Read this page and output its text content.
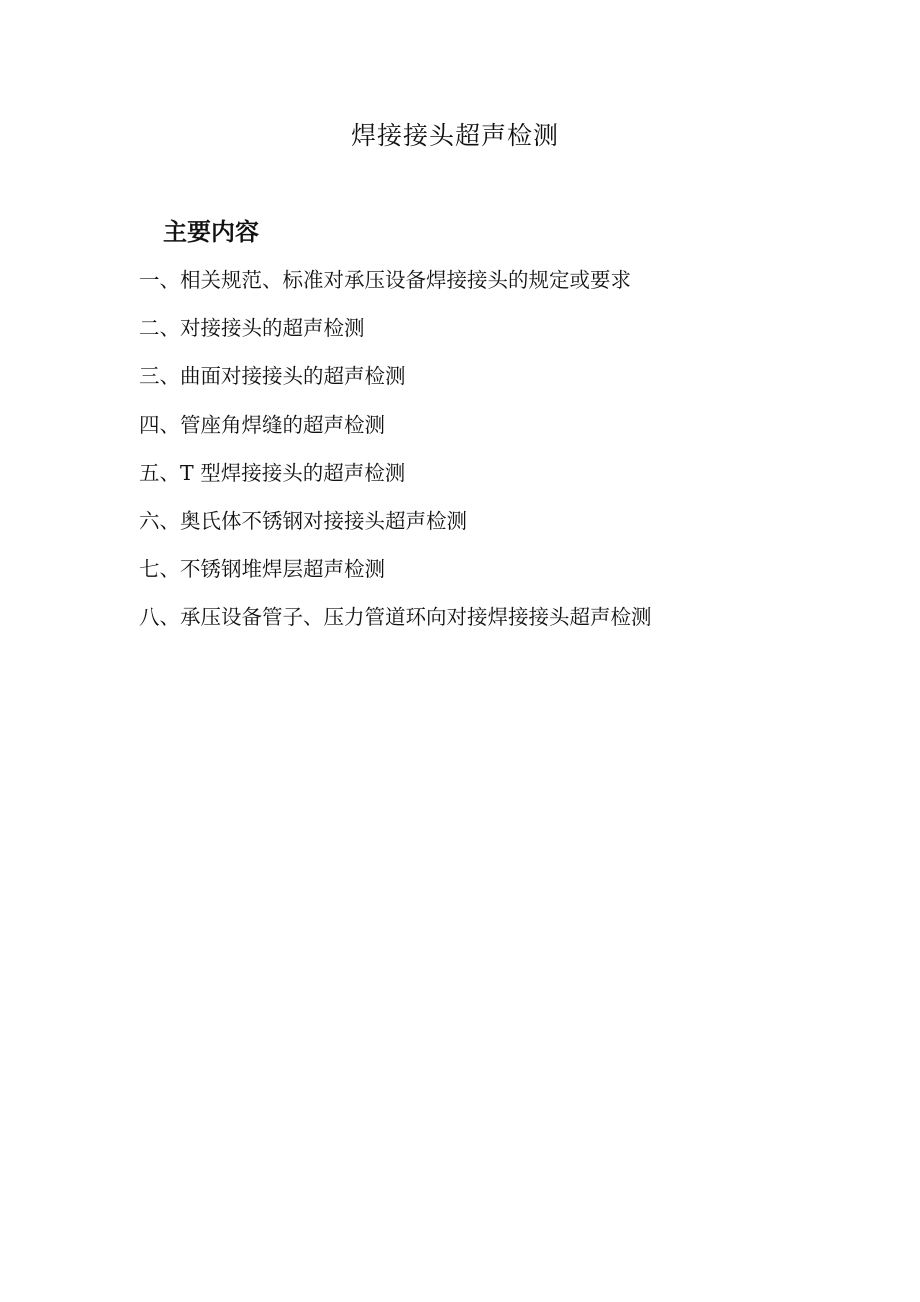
焊接接头超声检测
主要内容
一、相关规范、标准对承压设备焊接接头的规定或要求
二、对接接头的超声检测
三、曲面对接接头的超声检测
四、管座角焊缝的超声检测
五、T 型焊接接头的超声检测
六、奥氏体不锈钢对接接头超声检测
七、不锈钢堆焊层超声检测
八、承压设备管子、压力管道环向对接焊接接头超声检测
